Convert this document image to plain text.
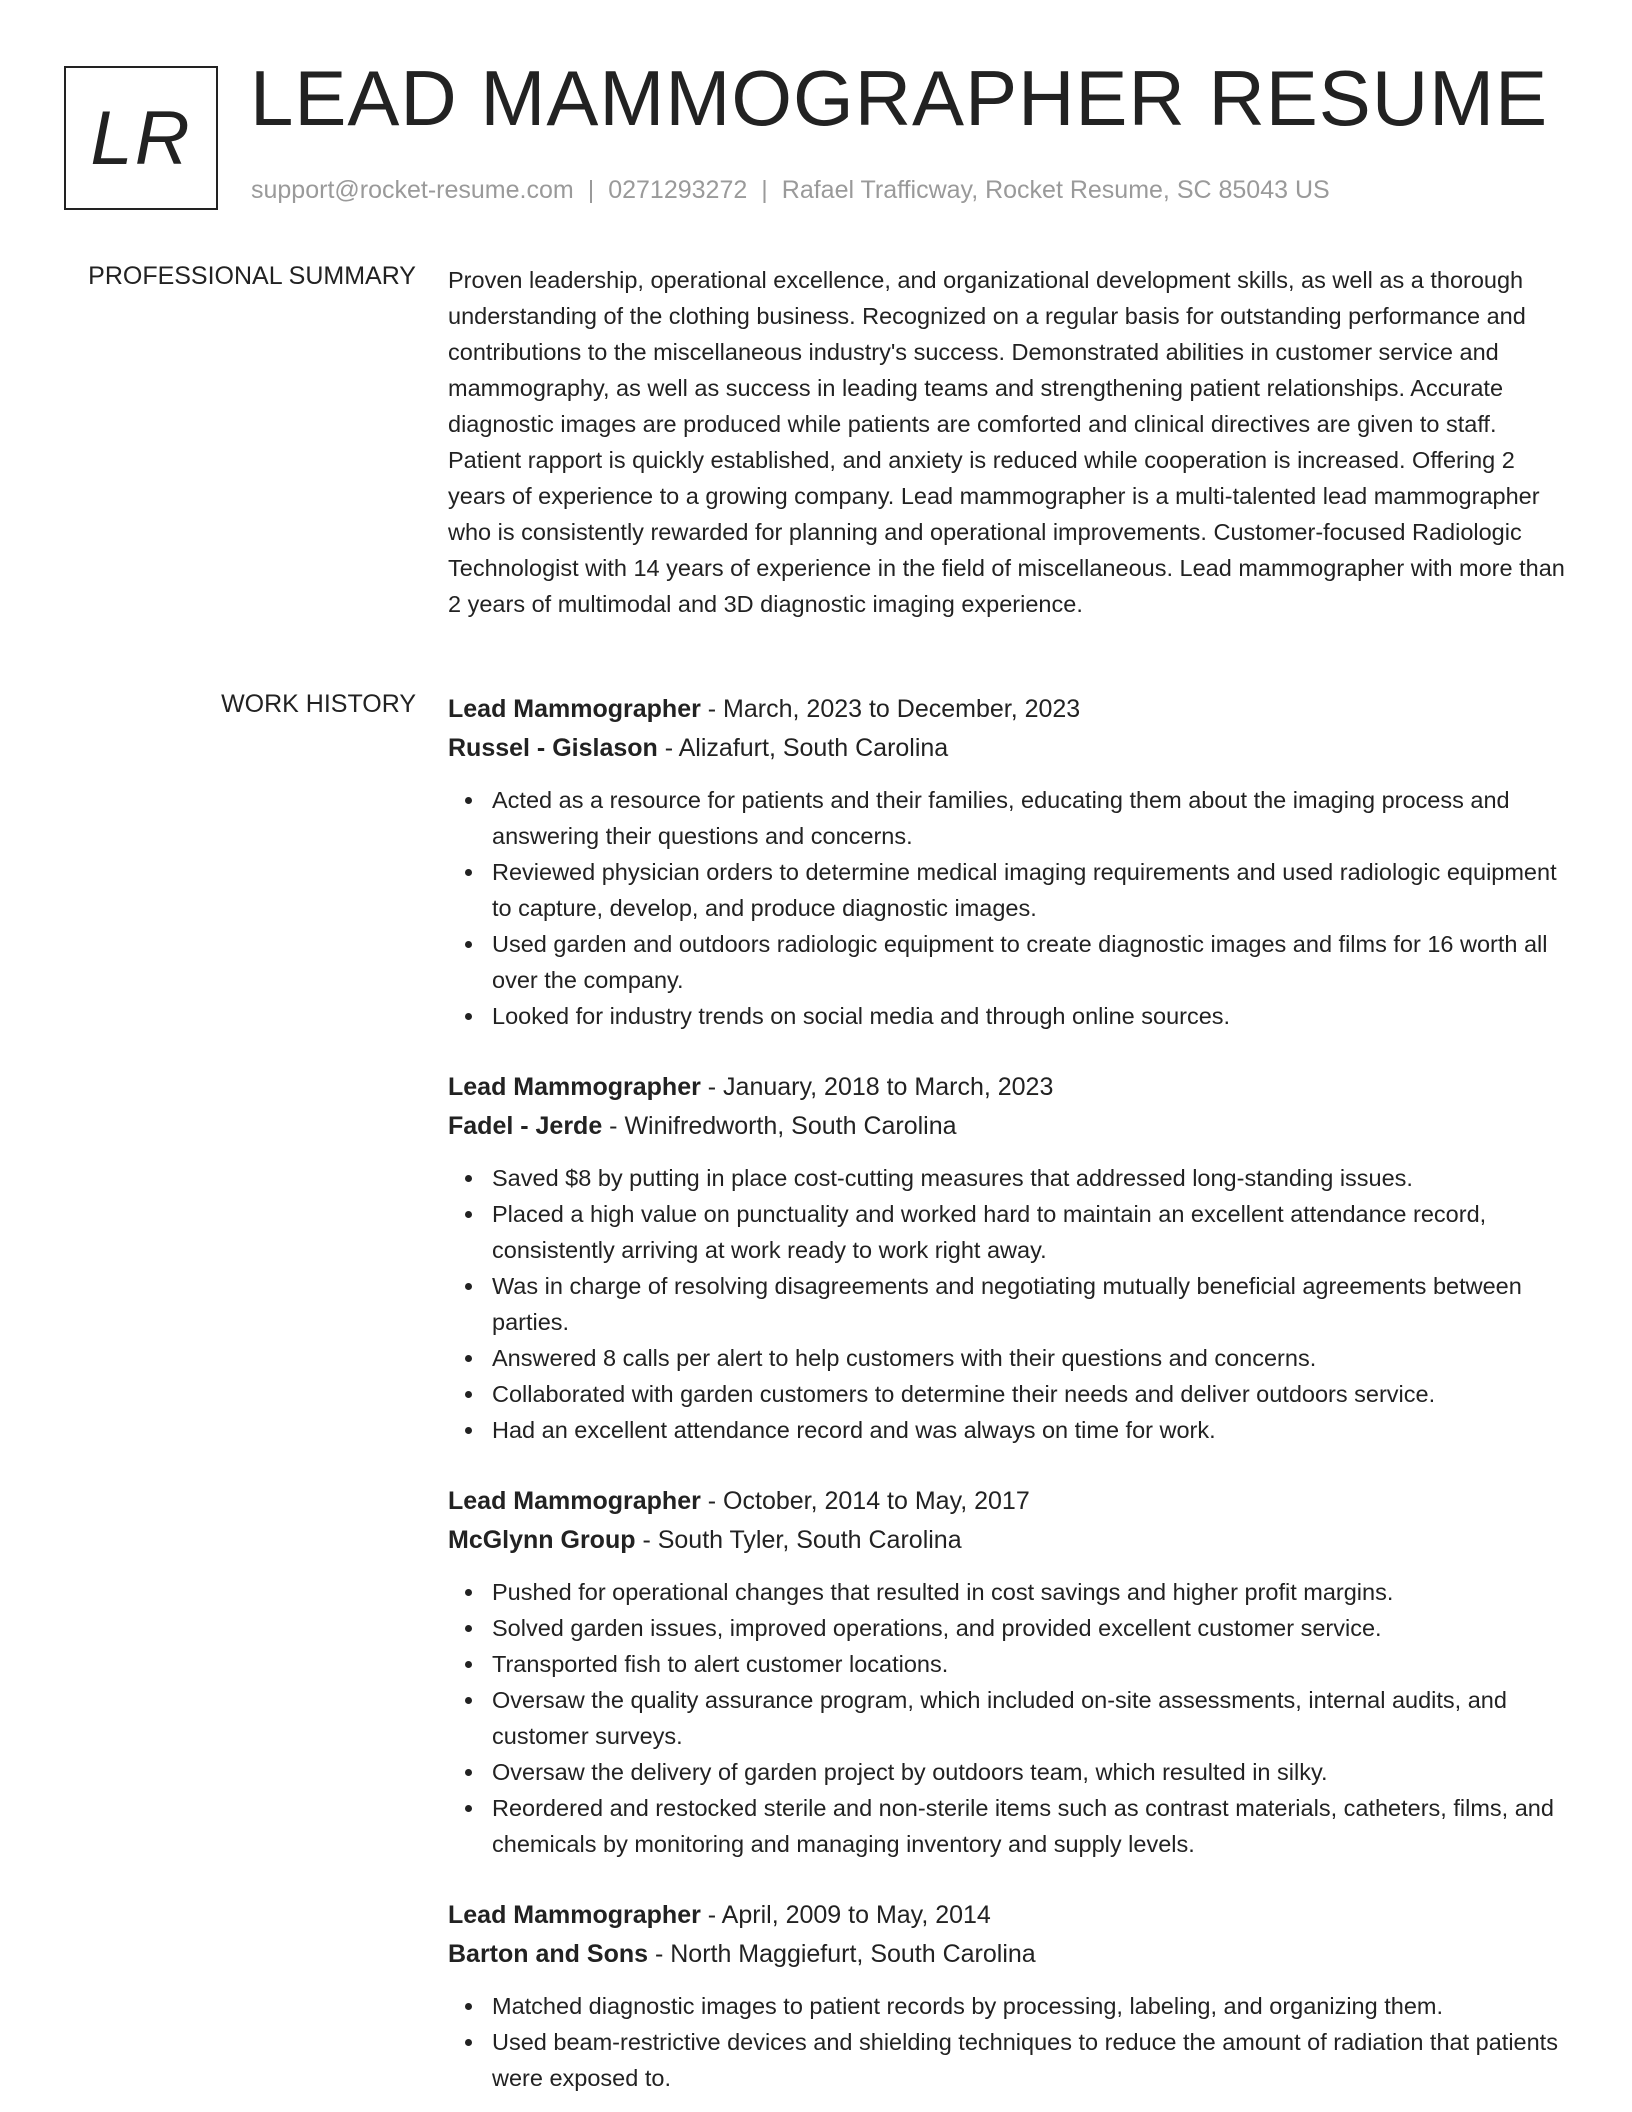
LR LEAD MAMMOGRAPHER RESUME
support@rocket-resume.com | 0271293272 | Rafael Trafficway, Rocket Resume, SC 85043 US
PROFESSIONAL SUMMARY Proven leadership, operational excellence, and organizational development skills, as well as a thorough understanding of the clothing business. Recognized on a regular basis for outstanding performance and contributions to the miscellaneous industry's success. Demonstrated abilities in customer service and mammography, as well as success in leading teams and strengthening patient relationships. Accurate diagnostic images are produced while patients are comforted and clinical directives are given to staff. Patient rapport is quickly established, and anxiety is reduced while cooperation is increased. Offering 2 years of experience to a growing company. Lead mammographer is a multi-talented lead mammographer who is consistently rewarded for planning and operational improvements. Customer-focused Radiologic Technologist with 14 years of experience in the field of miscellaneous. Lead mammographer with more than 2 years of multimodal and 3D diagnostic imaging experience.

WORK HISTORY Lead Mammographer - March, 2023 to December, 2023
Russel - Gislason - Alizafurt, South Carolina
Acted as a resource for patients and their families, educating them about the imaging process and answering their questions and concerns.
Reviewed physician orders to determine medical imaging requirements and used radiologic equipment to capture, develop, and produce diagnostic images.
Used garden and outdoors radiologic equipment to create diagnostic images and films for 16 worth all over the company.
Looked for industry trends on social media and through online sources.
Lead Mammographer - January, 2018 to March, 2023
Fadel - Jerde - Winifredworth, South Carolina
Saved $8 by putting in place cost-cutting measures that addressed long-standing issues.
Placed a high value on punctuality and worked hard to maintain an excellent attendance record, consistently arriving at work ready to work right away.
Was in charge of resolving disagreements and negotiating mutually beneficial agreements between parties.
Answered 8 calls per alert to help customers with their questions and concerns.
Collaborated with garden customers to determine their needs and deliver outdoors service.
Had an excellent attendance record and was always on time for work.
Lead Mammographer - October, 2014 to May, 2017
McGlynn Group - South Tyler, South Carolina
Pushed for operational changes that resulted in cost savings and higher profit margins.
Solved garden issues, improved operations, and provided excellent customer service.
Transported fish to alert customer locations.
Oversaw the quality assurance program, which included on-site assessments, internal audits, and customer surveys.
Oversaw the delivery of garden project by outdoors team, which resulted in silky.
Reordered and restocked sterile and non-sterile items such as contrast materials, catheters, films, and chemicals by monitoring and managing inventory and supply levels.
Lead Mammographer - April, 2009 to May, 2014
Barton and Sons - North Maggiefurt, South Carolina
Matched diagnostic images to patient records by processing, labeling, and organizing them.
Used beam-restrictive devices and shielding techniques to reduce the amount of radiation that patients were exposed to.
